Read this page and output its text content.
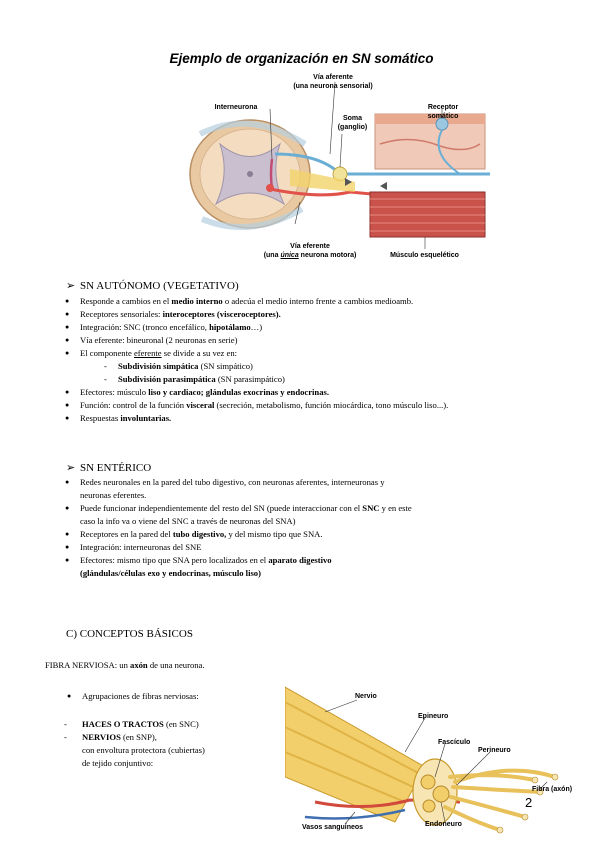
Ejemplo de organización en SN somático
Vía aferente
(una neurona sensorial)
Interneurona
Soma
(ganglio)
Receptor
somático
Vía eferente
(una única neurona motora)	Músculo esquelético
➢ SN AUTÓNOMO (VEGETATIVO)
● Responde a cambios en el medio interno o adecúa el medio interno frente a cambios medioamb.
● Receptores sensoriales: interoceptores (visceroceptores).
● Integración: SNC (tronco encefálico, hipotálamo…)
● Vía eferente: bineuronal (2 neuronas en serie)
● El componente eferente se divide a su vez en:
- Subdivisión simpática (SN simpático)
- Subdivisión parasimpática (SN parasimpático)
● Efectores: músculo liso y cardiaco; glándulas exocrinas y endocrinas.
● Función: control de la función visceral (secreción, metabolismo, función miocárdica, tono músculo liso...).
● Respuestas involuntarias.
➢ SN ENTÉRICO
● Redes neuronales en la pared del tubo digestivo, con neuronas aferentes, interneuronas y
neuronas eferentes.
● Puede funcionar independientemente del resto del SN (puede interaccionar con el SNC y en este
caso la info va o viene del SNC a través de neuronas del SNA)
● Receptores en la pared del tubo digestivo, y del mismo tipo que SNA.
● Integración: interneuronas del SNE
● Efectores: mismo tipo que SNA pero localizados en el aparato digestivo
(glándulas/células exo y endocrinas, músculo liso)
C) CONCEPTOS BÁSICOS
FIBRA NERVIOSA: un axón de una neurona.
● Agrupaciones de fibras nerviosas:
- HACES O TRACTOS (en SNC)
- NERVIOS (en SNP),
con envoltura protectora (cubiertas)
de tejido conjuntivo:
Nervio
Epineuro
Fascículo
Perineuro
Fibra (axón)
Vasos sanguíneos	Endoneuro
2
